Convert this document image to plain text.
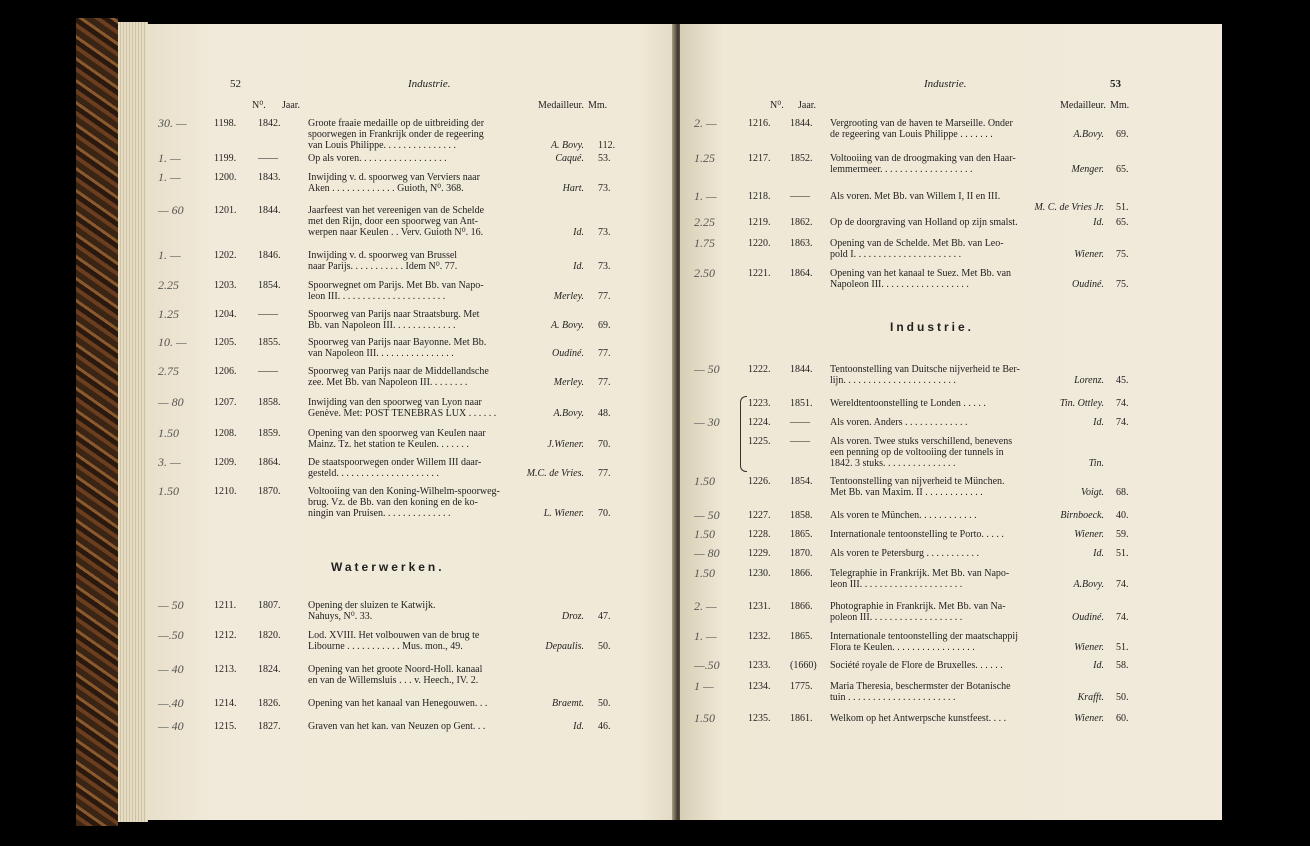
52	Industrie.
N⁰. Jaar.	Medailleur. Mm.
Waterwerken.
30. —	1198. 1842.	Groote fraaie medaille op de uitbreiding der
spoorwegen in Frankrijk onder de regeering
van Louis Philippe. . . . . . . . . . . . . . .	A. Bovy. 112.
1. —	1199. ——	Op als voren. . . . . . . . . . . . . . . . . .	Caqué. 53.
1. —	1200. 1843.	Inwijding v. d. spoorweg van Verviers naar
Aken . . . . . . . . . . . . . Guioth, N⁰. 368.	Hart. 73.
— 60	1201. 1844.	Jaarfeest van het vereenigen van de Schelde
met den Rijn, door een spoorweg van Ant-
werpen naar Keulen . . Verv. Guioth N⁰. 16.	Id. 73.
1. —	1202. 1846.	Inwijding v. d. spoorweg van Brussel
naar Parijs. . . . . . . . . . . Idem N⁰. 77.	Id. 73.
2.25	1203. 1854.	Spoorwegnet om Parijs. Met Bb. van Napo-
leon III. . . . . . . . . . . . . . . . . . . . . .	Merley. 77.
1.25	1204. ——	Spoorweg van Parijs naar Straatsburg. Met
Bb. van Napoleon III. . . . . . . . . . . . .	A. Bovy. 69.
10. —	1205. 1855.	Spoorweg van Parijs naar Bayonne. Met Bb.
van Napoleon III. . . . . . . . . . . . . . . .	Oudiné. 77.
2.75	1206. ——	Spoorweg van Parijs naar de Middellandsche
zee. Met Bb. van Napoleon III. . . . . . . .	Merley. 77.
— 80	1207. 1858.	Inwijding van den spoorweg van Lyon naar
Genève. Met: POST TENEBRAS LUX . . . . . .	A.Bovy. 48.
1.50	1208. 1859.	Opening van den spoorweg van Keulen naar
Mainz. Tz. het station te Keulen. . . . . . .	J.Wiener. 70.
3. —	1209. 1864.	De staatspoorwegen onder Willem III daar-
gesteld. . . . . . . . . . . . . . . . . . . . .	M.C. de Vries. 77.
1.50	1210. 1870.	Voltooiing van den Koning-Wilhelm-spoorweg-
brug. Vz. de Bb. van den koning en de ko-
ningin van Pruisen. . . . . . . . . . . . . .	L. Wiener. 70.
— 50	1211. 1807.	Opening der sluizen te Katwijk.
Nahuys, N⁰. 33.	Droz. 47.
—.50	1212. 1820.	Lod. XVIII. Het volbouwen van de brug te
Libourne . . . . . . . . . . . Mus. mon., 49.	Depaulis. 50.
— 40	1213. 1824.	Opening van het groote Noord-Holl. kanaal
en van de Willemsluis . . . v. Heech., IV. 2.
—.40	1214. 1826.	Opening van het kanaal van Henegouwen. . .	Braemt. 50.
— 40	1215. 1827.	Graven van het kan. van Neuzen op Gent. . .	Id. 46.
53
Industrie.
N⁰. Jaar.	Medailleur. Mm.
Industrie.
2. —	1216. 1844. Vergrooting van de haven te Marseille. Onder
de regeering van Louis Philippe . . . . . . .	A.Bovy. 69.
1.25	1217. 1852. Voltooiing van de droogmaking van den Haar-
lemmermeer. . . . . . . . . . . . . . . . . . .	Menger. 65.
1. —	1218. —— Als voren. Met Bb. van Willem I, II en III.
M. C. de Vries Jr. 51.
2.25	1219. 1862. Op de doorgraving van Holland op zijn smalst.	Id. 65.
1.75	1220. 1863. Opening van de Schelde. Met Bb. van Leo-
pold I. . . . . . . . . . . . . . . . . . . . . .	Wiener. 75.
2.50	1221. 1864. Opening van het kanaal te Suez. Met Bb. van
Napoleon III. . . . . . . . . . . . . . . . . .	Oudiné. 75.
— 50	1222. 1844. Tentoonstelling van Duitsche nijverheid te Ber-
lijn. . . . . . . . . . . . . . . . . . . . . . .	Lorenz. 45.
1223. 1851. Wereldtentoonstelling te Londen . . . . .	Tin. Ottley. 74.
— 30	1224. —— Als voren. Anders . . . . . . . . . . . . .	Id. 74.
1225. —— Als voren. Twee stuks verschillend, benevens
een penning op de voltooiing der tunnels in
1842. 3 stuks. . . . . . . . . . . . . . .	Tin.
1.50	1226. 1854. Tentoonstelling van nijverheid te München.
Met Bb. van Maxim. II . . . . . . . . . . . .	Voigt. 68.
— 50	1227. 1858. Als voren te München. . . . . . . . . . . .	Birnboeck. 40.
1.50	1228. 1865. Internationale tentoonstelling te Porto. . . . .	Wiener. 59.
— 80	1229. 1870. Als voren te Petersburg . . . . . . . . . . .	Id. 51.
1.50	1230. 1866. Telegraphie in Frankrijk. Met Bb. van Napo-
leon III. . . . . . . . . . . . . . . . . . . . .	A.Bovy. 74.
2. —	1231. 1866. Photographie in Frankrijk. Met Bb. van Na-
poleon III. . . . . . . . . . . . . . . . . . .	Oudiné. 74.
1. —	1232. 1865. Internationale tentoonstelling der maatschappij
Flora te Keulen. . . . . . . . . . . . . . . . .	Wiener. 51.
—.50	1233. (1660) Société royale de Flore de Bruxelles. . . . . .	Id. 58.
1 —	1234. 1775. Maria Theresia, beschermster der Botanische
tuin . . . . . . . . . . . . . . . . . . . . . .	Krafft. 50.
1.50	1235. 1861. Welkom op het Antwerpsche kunstfeest. . . .	Wiener. 60.
